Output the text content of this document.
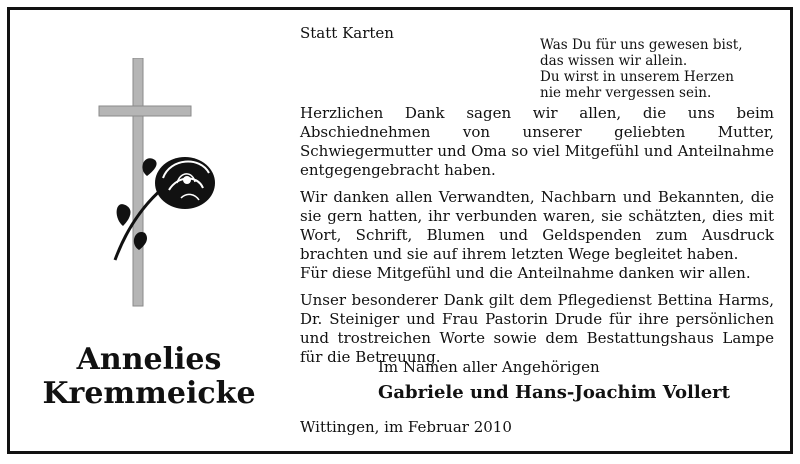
Annelies
Kremmeicke
Statt Karten
Was Du für uns gewesen bist,
das wissen wir allein.
Du wirst in unserem Herzen
nie mehr vergessen sein.

Herzlichen Dank sagen wir allen, die uns beim Abschiednehmen von unserer geliebten Mutter, Schwiegermutter und Oma so viel Mitgefühl und Anteilnahme entgegengebracht haben.

Wir danken allen Verwandten, Nachbarn und Bekannten, die sie gern hatten, ihr verbunden waren, sie schätzten, dies mit Wort, Schrift, Blumen und Geldspenden zum Ausdruck brachten und sie auf ihrem letzten Wege begleitet haben.

Für diese Mitgefühl und die Anteilnahme danken wir allen.

Unser besonderer Dank gilt dem Pflegedienst Bettina Harms, Dr. Steiniger und Frau Pastorin Drude für ihre persönlichen und trostreichen Worte sowie dem Bestattungshaus Lampe für die Betreuung.

Im Namen aller Angehörigen
Gabriele und Hans-Joachim Vollert
Wittingen, im Februar 2010
